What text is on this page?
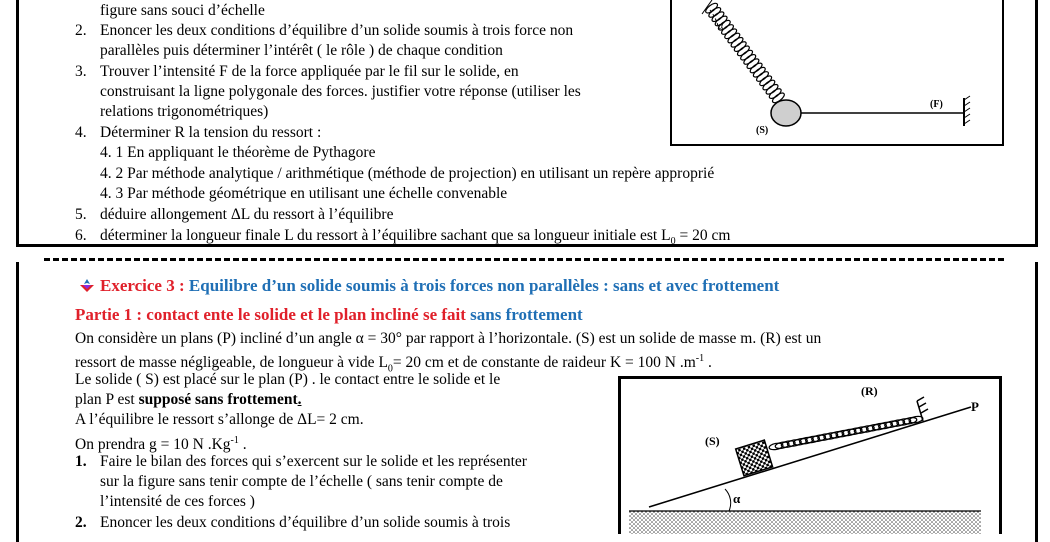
figure sans souci d’échelle
2. Enoncer les deux conditions d’équilibre d’un solide soumis à trois force non
parallèles puis déterminer l’intérêt ( le rôle ) de chaque condition
3. Trouver l’intensité F de la force appliquée par le fil sur le solide, en
construisant la ligne polygonale des forces. justifier votre réponse (utiliser les
relations trigonométriques)
4. Déterminer R la tension du ressort :
4. 1 En appliquant le théorème de Pythagore
4. 2 Par méthode analytique / arithmétique (méthode de projection) en utilisant un repère approprié
4. 3 Par méthode géométrique en utilisant une échelle convenable
5. déduire allongement ΔL du ressort à l’équilibre
6. déterminer la longueur finale L du ressort à l’équilibre sachant que sa longueur initiale est $L_0 = 20$ cm
α
(S)
(F)
Exercice 3 : Equilibre d’un solide soumis à trois forces non parallèles : sans et avec frottement
Partie 1 : contact ente le solide et le plan incliné se fait sans frottement
On considère un plans (P) incliné d’un angle α = 30° par rapport à l’horizontale. (S) est un solide de masse m. (R) est un
ressort de masse négligeable, de longueur à vide $L_0= 20$ cm et de constante de raideur K = 100 N $.m^{-1}$ .
Le solide ( S) est placé sur le plan (P) . le contact entre le solide et le
plan P est supposé sans frottement.
A l’équilibre le ressort s’allonge de ΔL= 2 cm.
On prendra g = 10 N $.Kg^{-1}$ .
1. Faire le bilan des forces qui s’exercent sur le solide et les représenter
sur la figure sans tenir compte de l’échelle ( sans tenir compte de
l’intensité de ces forces )
2. Enoncer les deux conditions d’équilibre d’un solide soumis à trois
α
(S)
(R)
P
